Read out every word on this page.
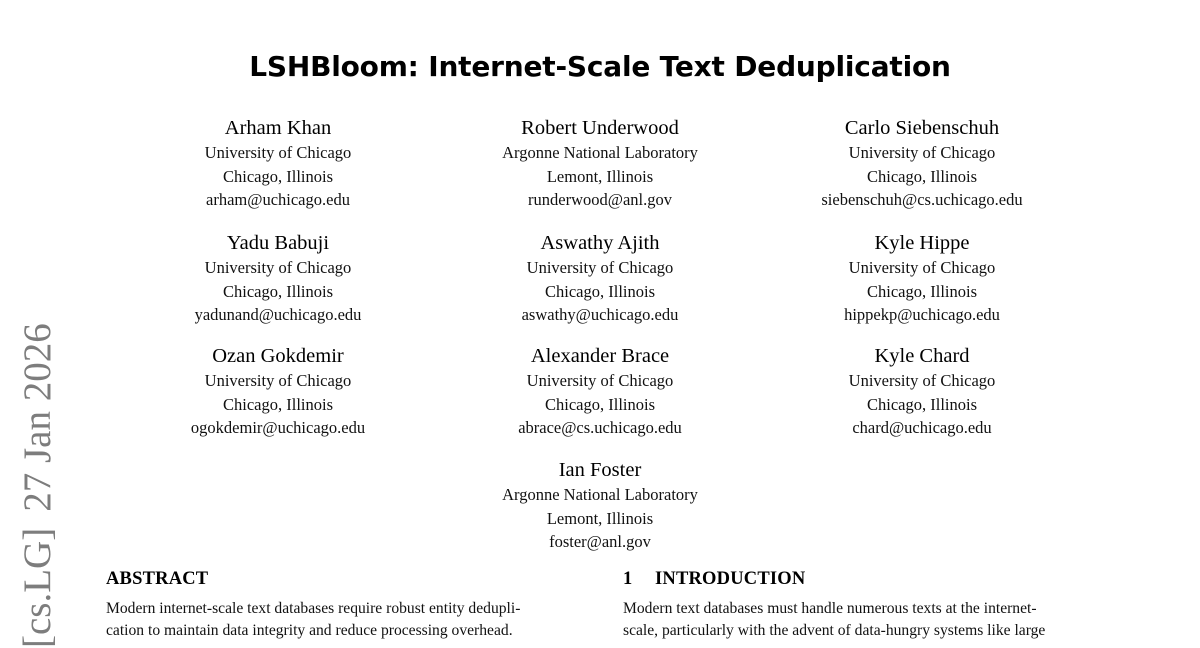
[cs.LG]27 Jan 2026
LSHBloom: Internet-Scale Text Deduplication
Arham Khan
University of Chicago
Chicago, Illinois
arham@uchicago.edu
Robert Underwood
Argonne National Laboratory
Lemont, Illinois
runderwood@anl.gov
Carlo Siebenschuh
University of Chicago
Chicago, Illinois
siebenschuh@cs.uchicago.edu
Yadu Babuji
University of Chicago
Chicago, Illinois
yadunand@uchicago.edu
Aswathy Ajith
University of Chicago
Chicago, Illinois
aswathy@uchicago.edu
Kyle Hippe
University of Chicago
Chicago, Illinois
hippekp@uchicago.edu
Ozan Gokdemir
University of Chicago
Chicago, Illinois
ogokdemir@uchicago.edu
Alexander Brace
University of Chicago
Chicago, Illinois
abrace@cs.uchicago.edu
Kyle Chard
University of Chicago
Chicago, Illinois
chard@uchicago.edu
Ian Foster
Argonne National Laboratory
Lemont, Illinois
foster@anl.gov
ABSTRACT
Modern internet-scale text databases require robust entity dedupli-
cation to maintain data integrity and reduce processing overhead.
1 INTRODUCTION
Modern text databases must handle numerous texts at the internet-
scale, particularly with the advent of data-hungry systems like large
